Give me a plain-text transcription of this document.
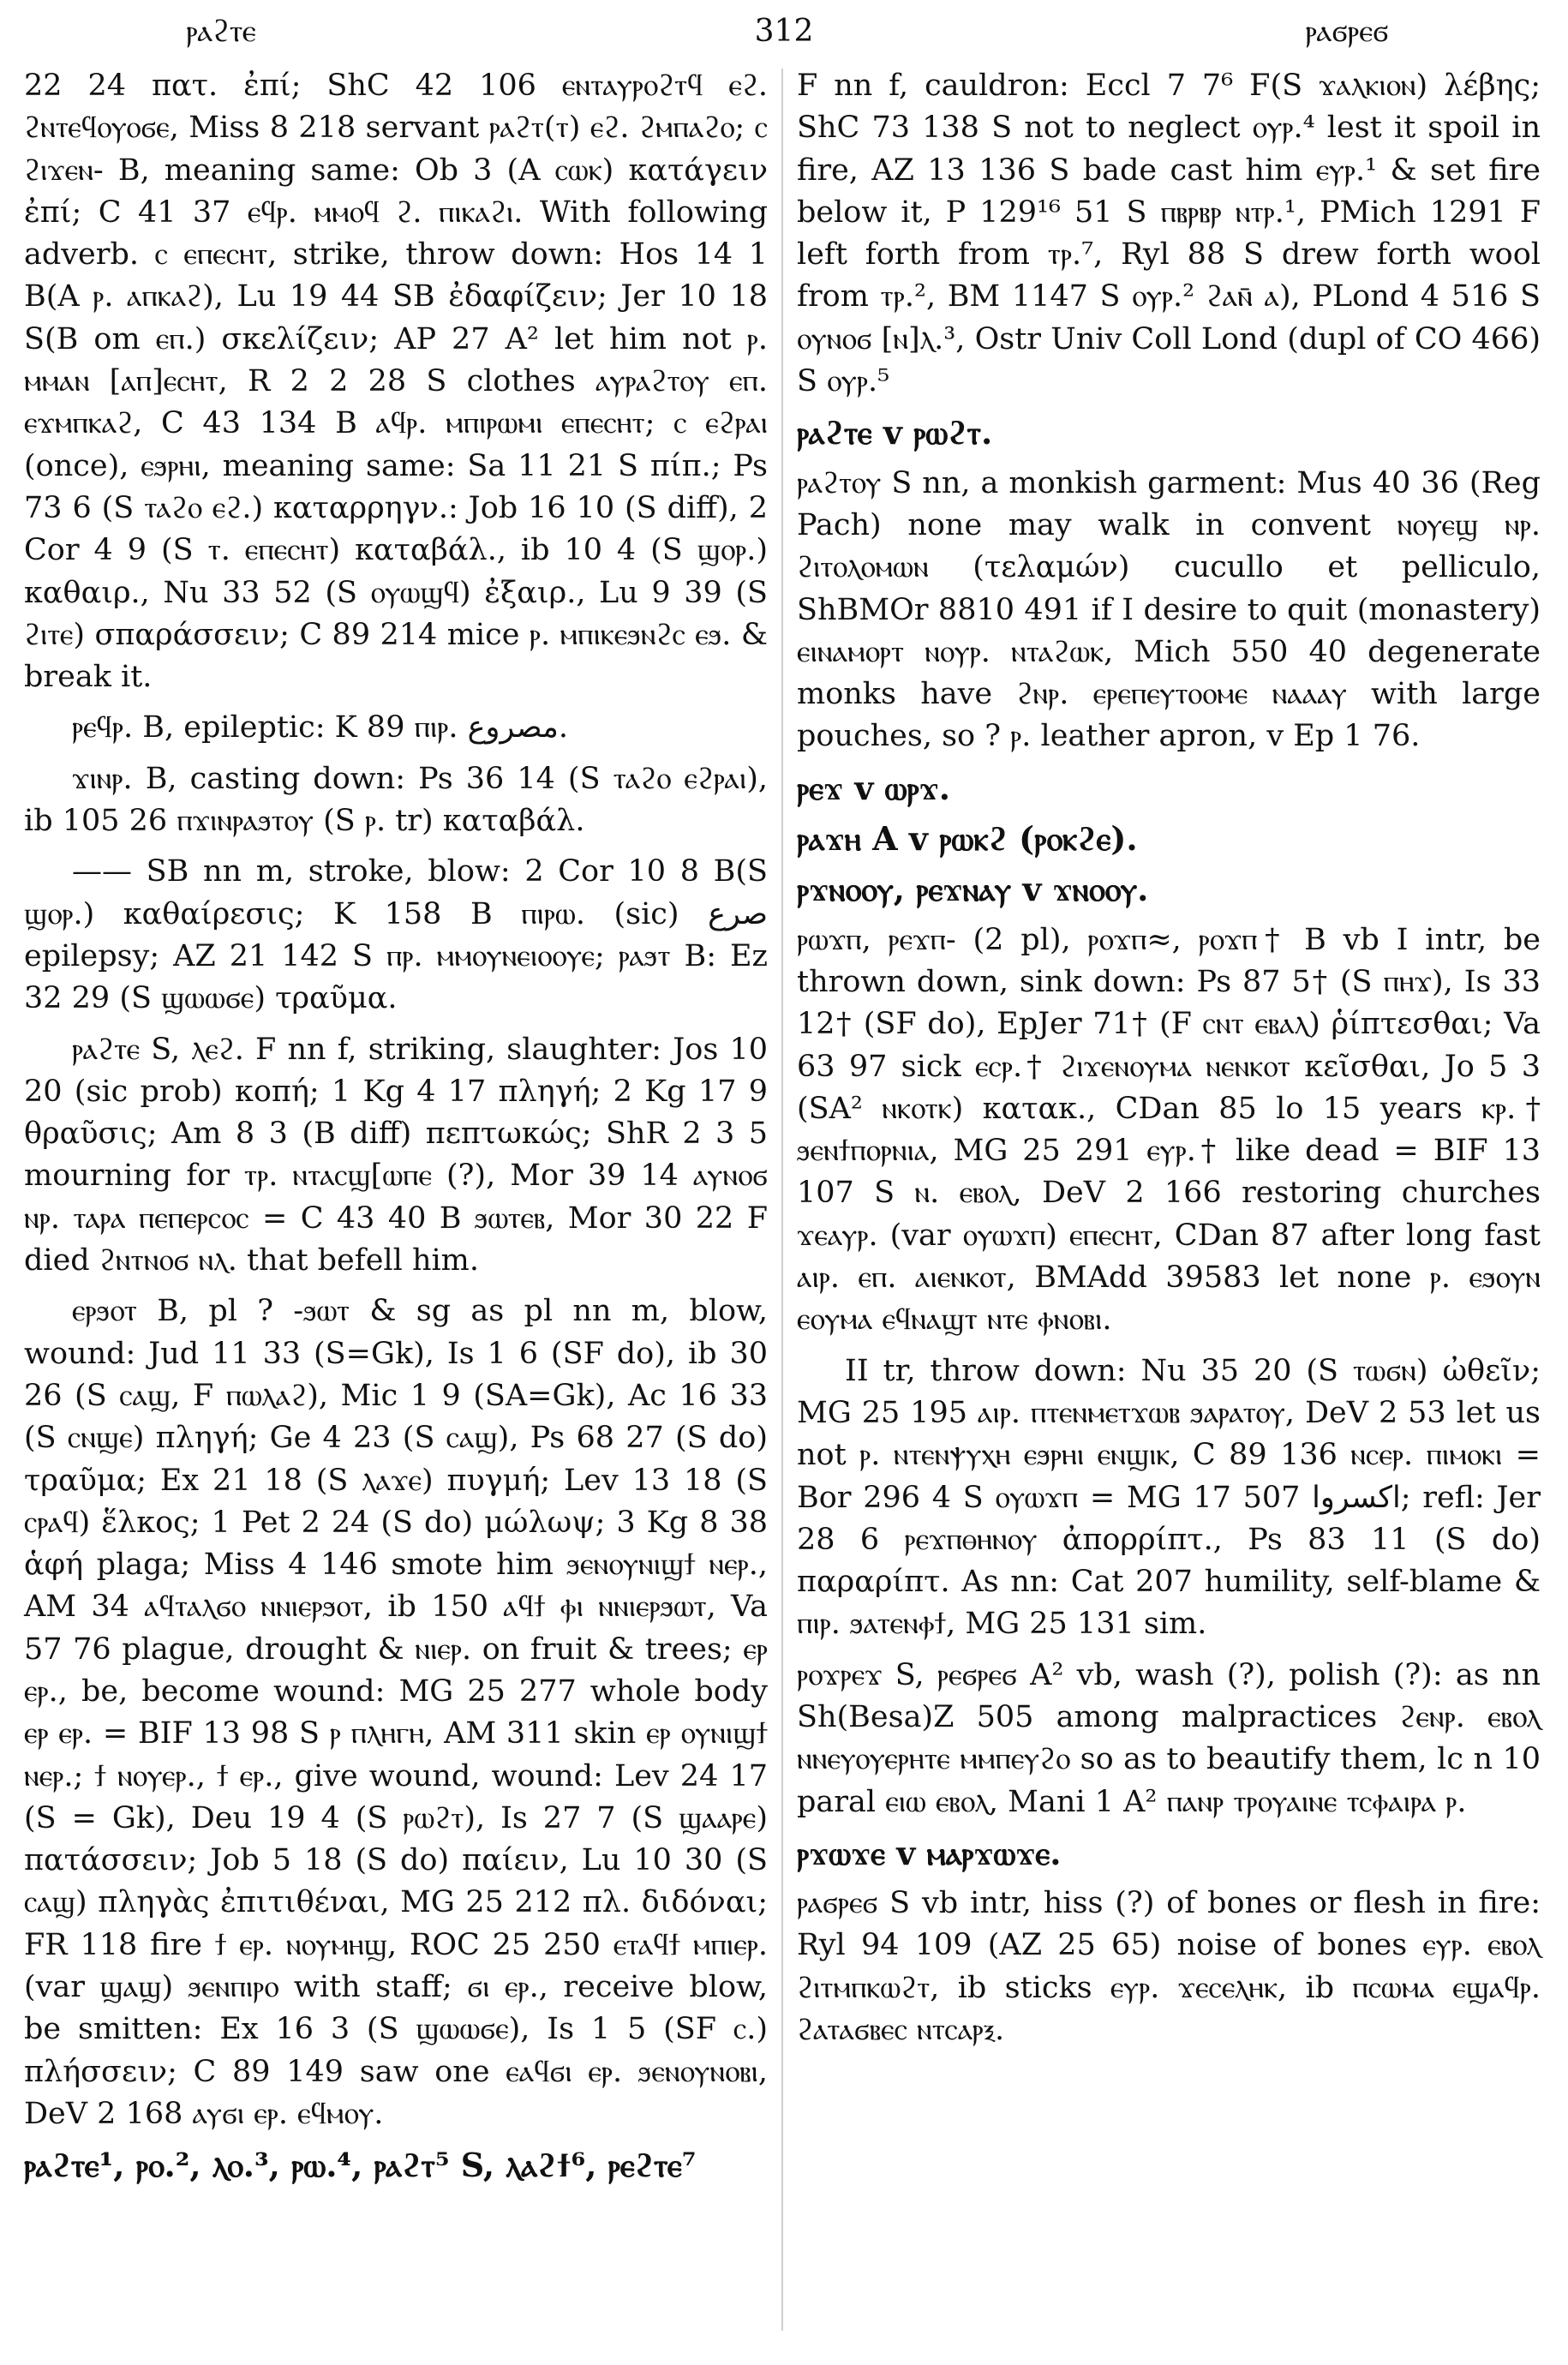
ⲣⲁϩⲧⲉ	312	ⲣⲁϭⲣⲉϭ

22 24 πατ. ἐπί; ShC 42 106 ⲉⲛⲧⲁⲩⲣⲟϩⲧϥ ⲉϩ. ϩⲛⲧⲉϥⲟⲩⲟϭⲉ, Miss 8 218 servant ⲣⲁϩⲧ(ⲧ) ⲉϩ. ϩⲙⲡⲁϩⲟ; ⲥ ϩⲓϫⲉⲛ- B, meaning same: Ob 3 (A ⲥⲱⲕ) κατάγειν ἐπί; C 41 37 ⲉϥⲣ. ⲙⲙⲟϥ ϩ. ⲡⲓⲕⲁϩⲓ. With following adverb. ⲥ ⲉⲡⲉⲥⲏⲧ, strike, throw down: Hos 14 1 B(A ⲣ. ⲁⲡⲕⲁϩ), Lu 19 44 SB ἐδαφίζειν; Jer 10 18 S(B om ⲉⲡ.) σκελίζειν; AP 27 A² let him not ⲣ. ⲙⲙⲁⲛ [ⲁⲡ]ⲉⲥⲏⲧ, R 2 2 28 S clothes ⲁⲩⲣⲁϩⲧⲟⲩ ⲉⲡ. ⲉϫⲙⲡⲕⲁϩ, C 43 134 B ⲁϥⲣ. ⲙⲡⲓⲣⲱⲙⲓ ⲉⲡⲉⲥⲏⲧ; ⲥ ⲉϩⲣⲁⲓ (once), ⲉϧⲣⲏⲓ, meaning same: Sa 11 21 S πίπ.; Ps 73 6 (S ⲧⲁϩⲟ ⲉϩ.) καταρρηγν.: Job 16 10 (S diff), 2 Cor 4 9 (S ⲧ. ⲉⲡⲉⲥⲏⲧ) καταβάλ., ib 10 4 (S ϣⲟⲣ.) καθαιρ., Nu 33 52 (S ⲟⲩⲱϣϥ) ἐξαιρ., Lu 9 39 (S ϩⲓⲧⲉ) σπαράσσειν; C 89 214 mice ⲣ. ⲙⲡⲓⲕⲉϧⲛϩⲥ ⲉϧ. & break it.

ⲣⲉϥⲣ. B, epileptic: K 89 ⲡⲓⲣ. ﻣﺼﺮﻭﻉ.

ϫⲓⲛⲣ. B, casting down: Ps 36 14 (S ⲧⲁϩⲟ ⲉϩⲣⲁⲓ), ib 105 26 ⲡϫⲓⲛⲣⲁϧⲧⲟⲩ (S ⲣ. tr) καταβάλ.

—— SB nn m, stroke, blow: 2 Cor 10 8 B(S ϣⲟⲣ.) καθαίρεσις; K 158 B ⲡⲓⲣⲱ. (sic) ﺻﺮﻉ epilepsy; AZ 21 142 S ⲡⲣ. ⲙⲙⲟⲩⲛⲉⲓⲟⲟⲩⲉ; ⲣⲁϧⲧ B: Ez 32 29 (S ϣⲱⲱϭⲉ) τραῦμα.

ⲣⲁϩⲧⲉ S, ⲗⲉϩ. F nn f, striking, slaughter: Jos 10 20 (sic prob) κοπή; 1 Kg 4 17 πληγή; 2 Kg 17 9 θραῦσις; Am 8 3 (B diff) πεπτωκώς; ShR 2 3 5 mourning for ⲧⲣ. ⲛⲧⲁⲥϣ[ⲱⲡⲉ (?), Mor 39 14 ⲁⲩⲛⲟϭ ⲛⲣ. ⲧⲁⲣⲁ ⲡⲉⲡⲉⲣⲥⲟⲥ = C 43 40 B ϧⲱⲧⲉⲃ, Mor 30 22 F died ϩⲛⲧⲛⲟϭ ⲛⲗ. that befell him.

ⲉⲣϧⲟⲧ B, pl ? -ϧⲱⲧ & sg as pl nn m, blow, wound: Jud 11 33 (S=Gk), Is 1 6 (SF do), ib 30 26 (S ⲥⲁϣ, F ⲡⲱⲗⲁϩ), Mic 1 9 (SA=Gk), Ac 16 33 (S ⲥⲛϣⲉ) πληγή; Ge 4 23 (S ⲥⲁϣ), Ps 68 27 (S do) τραῦμα; Ex 21 18 (S ⲗⲁϫⲉ) πυγμή; Lev 13 18 (S ⲥⲣⲁϥ) ἕλκος; 1 Pet 2 24 (S do) μώλωψ; 3 Kg 8 38 ἁφή plaga; Miss 4 146 smote him ϧⲉⲛⲟⲩⲛⲓϣϯ ⲛⲉⲣ., AM 34 ⲁϥⲧⲁⲗϭⲟ ⲛⲛⲓⲉⲣϧⲟⲧ, ib 150 ⲁϥϯ ⲫⲓ ⲛⲛⲓⲉⲣϧⲱⲧ, Va 57 76 plague, drought & ⲛⲓⲉⲣ. on fruit & trees; ⲉⲣ ⲉⲣ., be, become wound: MG 25 277 whole body ⲉⲣ ⲉⲣ. = BIF 13 98 S ⲣ ⲡⲗⲏⲅⲏ, AM 311 skin ⲉⲣ ⲟⲩⲛⲓϣϯ ⲛⲉⲣ.; ϯ ⲛⲟⲩⲉⲣ., ϯ ⲉⲣ., give wound, wound: Lev 24 17 (S = Gk), Deu 19 4 (S ⲣⲱϩⲧ), Is 27 7 (S ϣⲁⲁⲣⲉ) πατάσσειν; Job 5 18 (S do) παίειν, Lu 10 30 (S ⲥⲁϣ) πληγὰς ἐπιτιθέναι, MG 25 212 πλ. διδόναι; FR 118 fire ϯ ⲉⲣ. ⲛⲟⲩⲙⲏϣ, ROC 25 250 ⲉⲧⲁϥϯ ⲙⲡⲓⲉⲣ. (var ϣⲁϣ) ϧⲉⲛⲡⲓⲣⲟ with staff; ϭⲓ ⲉⲣ., receive blow, be smitten: Ex 16 3 (S ϣⲱⲱϭⲉ), Is 1 5 (SF ⲥ.) πλήσσειν; C 89 149 saw one ⲉⲁϥϭⲓ ⲉⲣ. ϧⲉⲛⲟⲩⲛⲟⲃⲓ, DeV 2 168 ⲁⲩϭⲓ ⲉⲣ. ⲉϥⲙⲟⲩ.

ⲣⲁϩⲧⲉ¹, ⲣⲟ.², ⲗⲟ.³, ⲣⲱ.⁴, ⲣⲁϩⲧ⁵ S, ⲗⲁϩϯ⁶, ⲣⲉϩⲧⲉ⁷

F nn f, cauldron: Eccl 7 7⁶ F(S ϫⲁⲗⲕⲓⲟⲛ) λέβης; ShC 73 138 S not to neglect ⲟⲩⲣ.⁴ lest it spoil in fire, AZ 13 136 S bade cast him ⲉⲩⲣ.¹ & set fire below it, P 129¹⁶ 51 S ⲡⲃⲣⲃⲣ ⲛⲧⲣ.¹, PMich 1291 F left forth from ⲧⲣ.⁷, Ryl 88 S drew forth wool from ⲧⲣ.², BM 1147 S ⲟⲩⲣ.² ϩⲁⲛ̄ ⲁ), PLond 4 516 S ⲟⲩⲛⲟϭ [ⲛ]ⲗ.³, Ostr Univ Coll Lond (dupl of CO 466) S ⲟⲩⲣ.⁵

ⲣⲁϩⲧⲉ v ⲣⲱϩⲧ.

ⲣⲁϩⲧⲟⲩ S nn, a monkish garment: Mus 40 36 (Reg Pach) none may walk in convent ⲛⲟⲩⲉϣ ⲛⲣ. ϩⲓⲧⲟⲗⲟⲙⲱⲛ (τελαμών) cucullo et pelliculo, ShBMOr 8810 491 if I desire to quit (monastery) ⲉⲓⲛⲁⲙⲟⲣⲧ ⲛⲟⲩⲣ. ⲛⲧⲁϩⲱⲕ, Mich 550 40 degenerate monks have ϩⲛⲣ. ⲉⲣⲉⲡⲉⲩⲧⲟⲟⲙⲉ ⲛⲁⲁⲁⲩ with large pouches, so ? ⲣ. leather apron, v Ep 1 76.

ⲣⲉϫ v ⲱⲣϫ.

ⲣⲁϫⲏ A v ⲣⲱⲕϩ (ⲣⲟⲕϩⲉ).

ⲣϫⲛⲟⲟⲩ, ⲣⲉϫⲛⲁⲩ v ϫⲛⲟⲟⲩ.

ⲣⲱϫⲡ, ⲣⲉϫⲡ- (2 pl), ⲣⲟϫⲡ≈, ⲣⲟϫⲡ† B vb I intr, be thrown down, sink down: Ps 87 5† (S ⲡⲏϫ), Is 33 12† (SF do), EpJer 71† (F ⲥⲛⲧ ⲉⲃⲁⲗ) ῥίπτεσθαι; Va 63 97 sick ⲉⲥⲣ.† ϩⲓϫⲉⲛⲟⲩⲙⲁ ⲛⲉⲛⲕⲟⲧ κεῖσθαι, Jo 5 3 (SA² ⲛⲕⲟⲧⲕ) κατακ., CDan 85 lo 15 years ⲕⲣ.† ϧⲉⲛϯⲡⲟⲣⲛⲓⲁ, MG 25 291 ⲉⲩⲣ.† like dead = BIF 13 107 S ⲛ. ⲉⲃⲟⲗ, DeV 2 166 restoring churches ϫⲉⲁⲩⲣ. (var ⲟⲩⲱϫⲡ) ⲉⲡⲉⲥⲏⲧ, CDan 87 after long fast ⲁⲓⲣ. ⲉⲡ. ⲁⲓⲉⲛⲕⲟⲧ, BMAdd 39583 let none ⲣ. ⲉϧⲟⲩⲛ ⲉⲟⲩⲙⲁ ⲉϥⲛⲁϣⲧ ⲛⲧⲉ ⲫⲛⲟⲃⲓ.

II tr, throw down: Nu 35 20 (S ⲧⲱϭⲛ) ὠθεῖν; MG 25 195 ⲁⲓⲣ. ⲡⲧⲉⲛⲙⲉⲧϫⲱⲃ ϧⲁⲣⲁⲧⲟⲩ, DeV 2 53 let us not ⲣ. ⲛⲧⲉⲛⲯⲩⲭⲏ ⲉϧⲣⲏⲓ ⲉⲛϣⲓⲕ, C 89 136 ⲛⲥⲉⲣ. ⲡⲓⲙⲟⲕⲓ = Bor 296 4 S ⲟⲩⲱϫⲡ = MG 17 507 اكسروا; refl: Jer 28 6 ⲣⲉϫⲡⲑⲏⲛⲟⲩ ἀπορρίπτ., Ps 83 11 (S do) παραρίπτ. As nn: Cat 207 humility, self-blame & ⲡⲓⲣ. ϧⲁⲧⲉⲛⲫϯ, MG 25 131 sim.

ⲣⲟϫⲣⲉϫ S, ⲣⲉϭⲣⲉϭ A² vb, wash (?), polish (?): as nn Sh(Besa)Z 505 among malpractices ϩⲉⲛⲣ. ⲉⲃⲟⲗ ⲛⲛⲉⲩⲟⲩⲉⲣⲏⲧⲉ ⲙⲙⲡⲉⲩϩⲟ so as to beautify them, lc n 10 paral ⲉⲓⲱ ⲉⲃⲟⲗ, Mani 1 A² ⲡⲁⲛⲣ ⲧⲣⲟⲩⲁⲓⲛⲉ ⲧⲥⲫⲁⲓⲣⲁ ⲣ.

ⲣϫⲱϫⲉ v ⲙⲁⲣϫⲱϫⲉ.

ⲣⲁϭⲣⲉϭ S vb intr, hiss (?) of bones or flesh in fire: Ryl 94 109 (AZ 25 65) noise of bones ⲉⲩⲣ. ⲉⲃⲟⲗ ϩⲓⲧⲙⲡⲕⲱϩⲧ, ib sticks ⲉⲩⲣ. ϫⲉⲥⲉⲗⲏⲕ, ib ⲡⲥⲱⲙⲁ ⲉϣⲁϥⲣ. ϩⲁⲧⲁϭⲃⲉⲥ ⲛⲧⲥⲁⲣⲝ.
